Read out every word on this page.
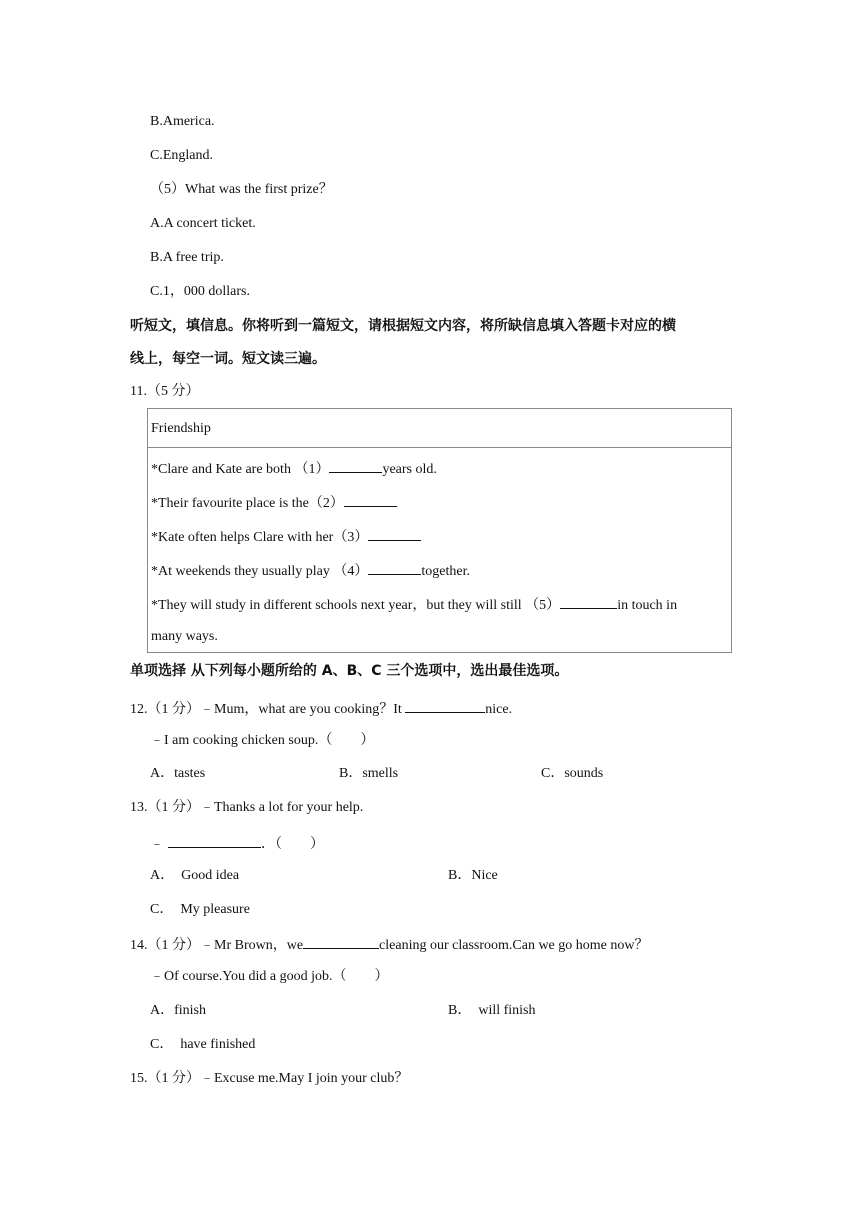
B.America.
C.England.
（5）What was the first prize？
A.A concert ticket.
B.A free trip.
C.1，000 dollars.
听短文，填信息。你将听到一篇短文，请根据短文内容，将所缺信息填入答题卡对应的横
线上，每空一词。短文读三遍。
11.（5 分）
Friendship
*Clare and Kate are both （1）	years old.
*Their favourite place is the（2）
*Kate often helps Clare with her（3）
*At weekends they usually play （4）	together.
*They will study in different schools next year，but they will still （5）	in touch in
many ways.
单项选择 从下列每小题所给的 A、B、C 三个选项中，选出最佳选项。
12.（1 分）﹣Mum，what are you cooking？It	nice.
﹣I am cooking chicken soup.（　　）
A．tastes	B．smells	C．sounds
13.（1 分）﹣Thanks a lot for your help.
﹣	．（　　）
A．　Good idea	B．Nice
C．　My pleasure
14.（1 分）﹣Mr Brown，we	cleaning our classroom.Can we go home now？
﹣Of course.You did a good job.（　　）
A．finish	B．　will finish
C．　have finished
15.（1 分）﹣Excuse me.May I join your club？
